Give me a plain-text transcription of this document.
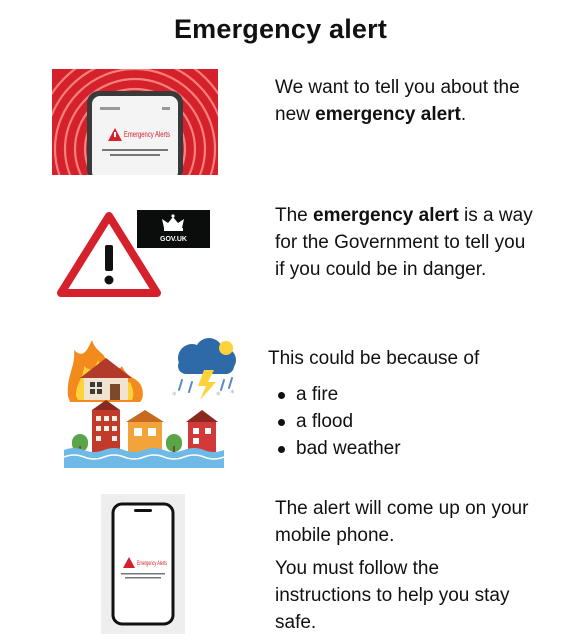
Emergency alert
Emergency Alerts
We want to tell you about the new emergency alert.
GOV.UK
The emergency alert is a way for the Government to tell you if you could be in danger.
*	* *
This could be because of
a fire
a flood
bad weather
Emergency Alerts
The alert will come up on your mobile phone.
You must follow the instructions to help you stay safe.
